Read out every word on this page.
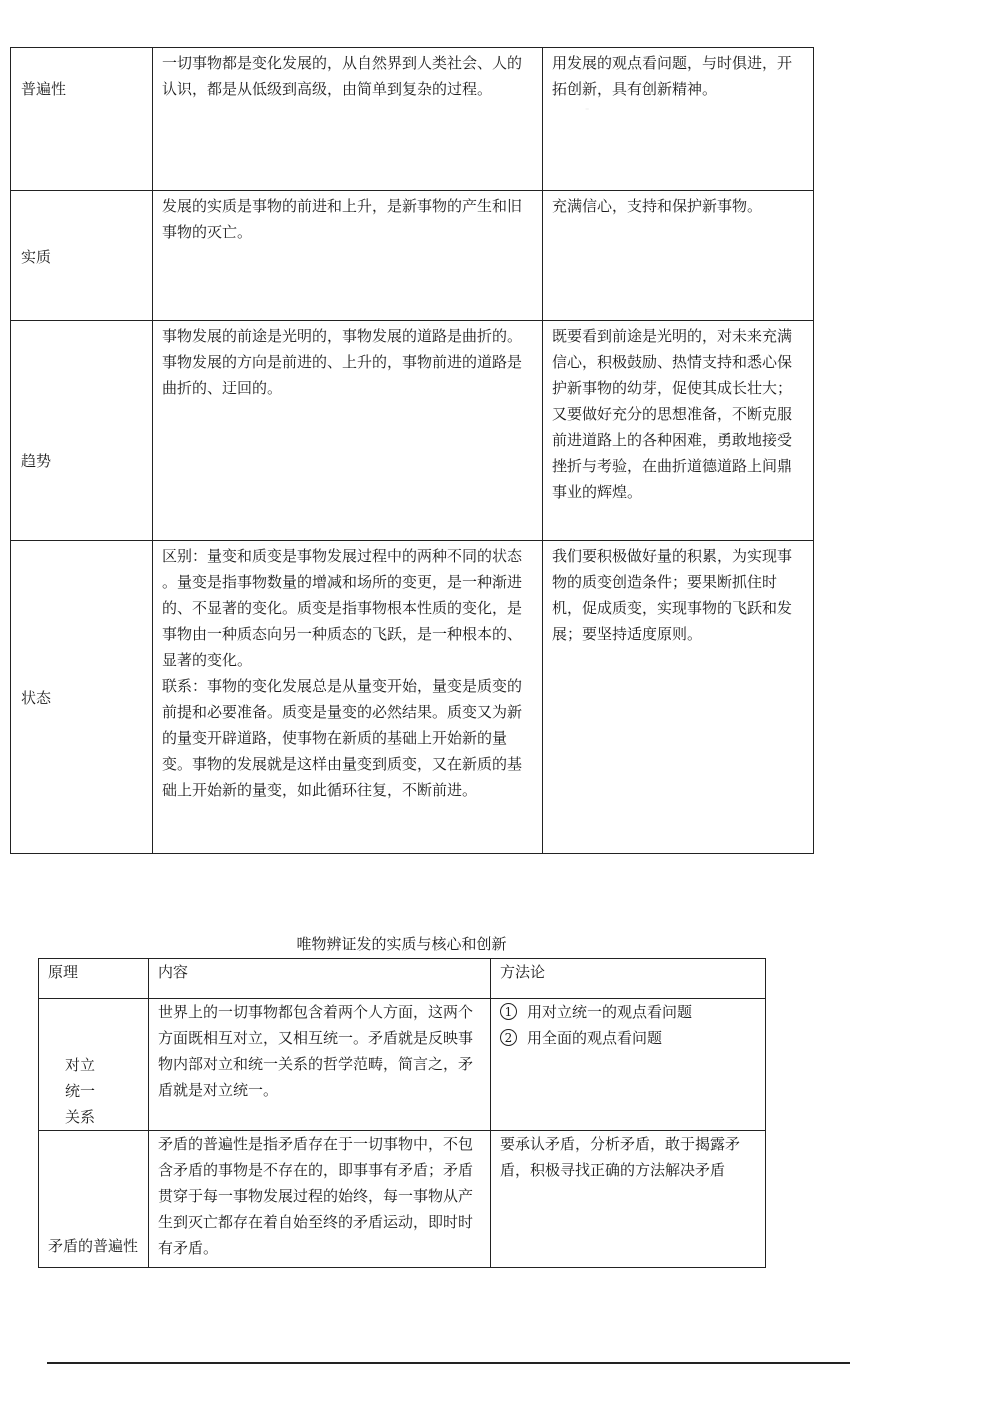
普遍性	一切事物都是变化发展的，从自然界到人类社会、人的认识，都是从低级到高级，由简单到复杂的过程。	用发展的观点看问题，与时俱进，开拓创新，具有创新精神。
实质	发展的实质是事物的前进和上升，是新事物的产生和旧事物的灭亡。	充满信心，支持和保护新事物。
趋势	事物发展的前途是光明的，事物发展的道路是曲折的。事物发展的方向是前进的、上升的，事物前进的道路是曲折的、迂回的。	既要看到前途是光明的，对未来充满信心，积极鼓励、热情支持和悉心保护新事物的幼芽，促使其成长壮大；又要做好充分的思想准备，不断克服前进道路上的各种困难，勇敢地接受挫折与考验，在曲折道德道路上间鼎事业的辉煌。
状态	区别：量变和质变是事物发展过程中的两种不同的状态 。量变是指事物数量的增减和场所的变更，是一种渐进的、不显著的变化。质变是指事物根本性质的变化，是事物由一种质态向另一种质态的飞跃，是一种根本的、显著的变化。
联系：事物的变化发展总是从量变开始，量变是质变的前提和必要准备。质变是量变的必然结果。质变又为新的量变开辟道路，使事物在新质的基础上开始新的量变。事物的发展就是这样由量变到质变，又在新质的基础上开始新的量变，如此循环往复，不断前进。	我们要积极做好量的积累，为实现事物的质变创造条件；要果断抓住时机，促成质变，实现事物的飞跃和发展；要坚持适度原则。
⁼
唯物辨证发的实质与核心和创新
原理	内容	方法论

对立
统一
关系	世界上的一切事物都包含着两个人方面，这两个方面既相互对立，又相互统一。矛盾就是反映事物内部对立和统一关系的哲学范畴，简言之，矛盾就是对立统一。	1 用对立统一的观点看问题
2 用全面的观点看问题

矛盾的普遍性	矛盾的普遍性是指矛盾存在于一切事物中，不包含矛盾的事物是不存在的，即事事有矛盾；矛盾贯穿于每一事物发展过程的始终，每一事物从产生到灭亡都存在着自始至终的矛盾运动，即时时有矛盾。	要承认矛盾，分析矛盾，敢于揭露矛盾，积极寻找正确的方法解决矛盾
